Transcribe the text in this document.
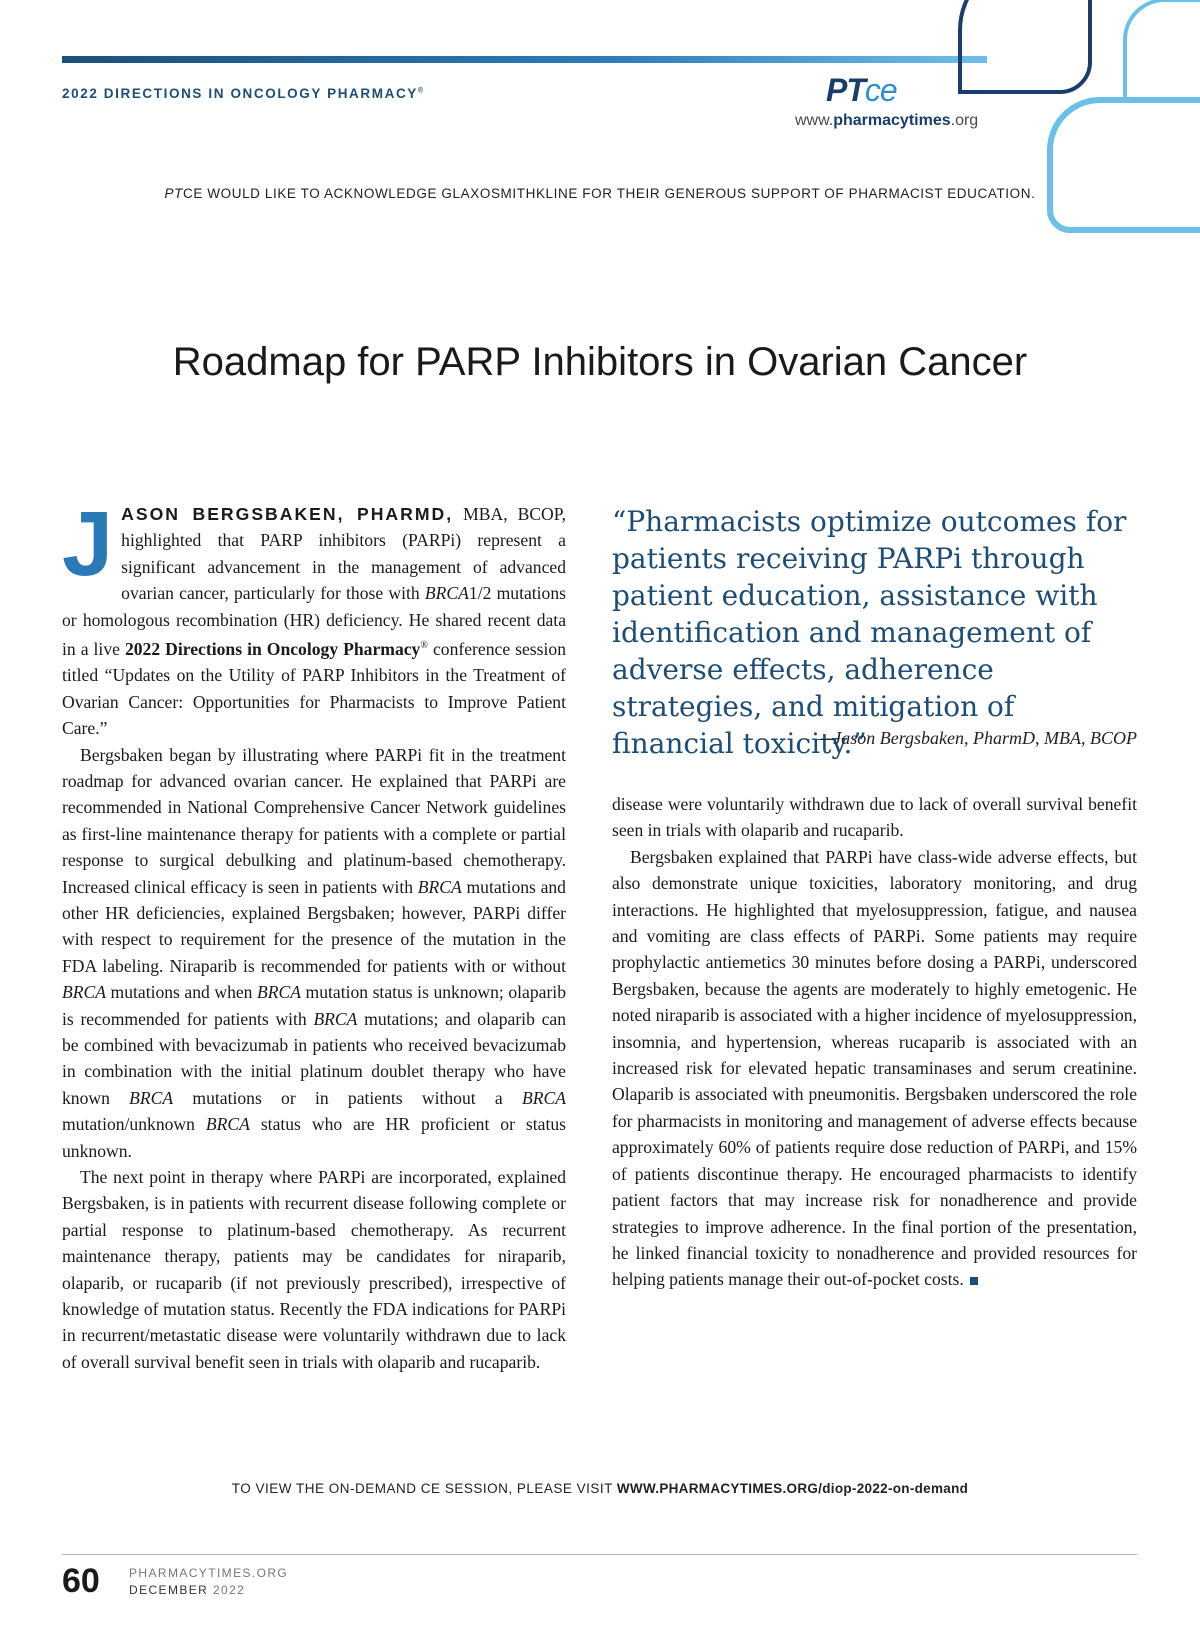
2022 DIRECTIONS IN ONCOLOGY PHARMACY®	PTce
www.pharmacytimes.org
PTCE WOULD LIKE TO ACKNOWLEDGE GLAXOSMITHKLINE FOR THEIR GENEROUS SUPPORT OF PHARMACIST EDUCATION.
Roadmap for PARP Inhibitors in Ovarian Cancer

JASON BERGSBAKEN, PHARMD, MBA, BCOP, highlighted that PARP inhibitors (PARPi) represent a significant advancement in the management of advanced ovarian cancer, particularly for those with BRCA1/2 mutations or homologous recombination (HR) deficiency. He shared recent data in a live 2022 Directions in Oncology Pharmacy® conference session titled “Updates on the Utility of PARP Inhibitors in the Treatment of Ovarian Cancer: Opportunities for Pharmacists to Improve Patient Care.”

Bergsbaken began by illustrating where PARPi fit in the treatment roadmap for advanced ovarian cancer. He explained that PARPi are recommended in National Comprehensive Cancer Network guidelines as first-line maintenance therapy for patients with a complete or partial response to surgical debulking and platinum-based chemotherapy. Increased clinical efficacy is seen in patients with BRCA mutations and other HR deficiencies, explained Bergsbaken; however, PARPi differ with respect to requirement for the presence of the mutation in the FDA labeling. Niraparib is recommended for patients with or without BRCA mutations and when BRCA mutation status is unknown; olaparib is recommended for patients with BRCA mutations; and olaparib can be combined with bevacizumab in patients who received bevacizumab in combination with the initial platinum doublet therapy who have known BRCA mutations or in patients without a BRCA mutation/unknown BRCA status who are HR proficient or status unknown.

The next point in therapy where PARPi are incorporated, explained Bergsbaken, is in patients with recurrent disease following complete or partial response to platinum-based chemotherapy. As recurrent maintenance therapy, patients may be candidates for niraparib, olaparib, or rucaparib (if not previously prescribed), irrespective of knowledge of mutation status. Recently the FDA indications for PARPi in recurrent/metastatic disease were voluntarily withdrawn due to lack of overall survival benefit seen in trials with olaparib and rucaparib.

“Pharmacists optimize outcomes for patients receiving PARPi through patient education, assistance with identification and management of adverse effects, adherence strategies, and mitigation of financial toxicity.”
—Jason Bergsbaken, PharmD, MBA, BCOP

disease were voluntarily withdrawn due to lack of overall survival benefit seen in trials with olaparib and rucaparib.

Bergsbaken explained that PARPi have class-wide adverse effects, but also demonstrate unique toxicities, laboratory monitoring, and drug interactions. He highlighted that myelosuppression, fatigue, and nausea and vomiting are class effects of PARPi. Some patients may require prophylactic antiemetics 30 minutes before dosing a PARPi, underscored Bergsbaken, because the agents are moderately to highly emetogenic. He noted niraparib is associated with a higher incidence of myelosuppression, insomnia, and hypertension, whereas rucaparib is associated with an increased risk for elevated hepatic transaminases and serum creatinine. Olaparib is associated with pneumonitis. Bergsbaken underscored the role for pharmacists in monitoring and management of adverse effects because approximately 60% of patients require dose reduction of PARPi, and 15% of patients discontinue therapy. He encouraged pharmacists to identify patient factors that may increase risk for nonadherence and provide strategies to improve adherence. In the final portion of the presentation, he linked financial toxicity to nonadherence and provided resources for helping patients manage their out-of-pocket costs.

TO VIEW THE ON-DEMAND CE SESSION, PLEASE VISIT WWW.PHARMACYTIMES.ORG/diop-2022-on-demand
60 PHARMACYTIMES.ORG
DECEMBER 2022
